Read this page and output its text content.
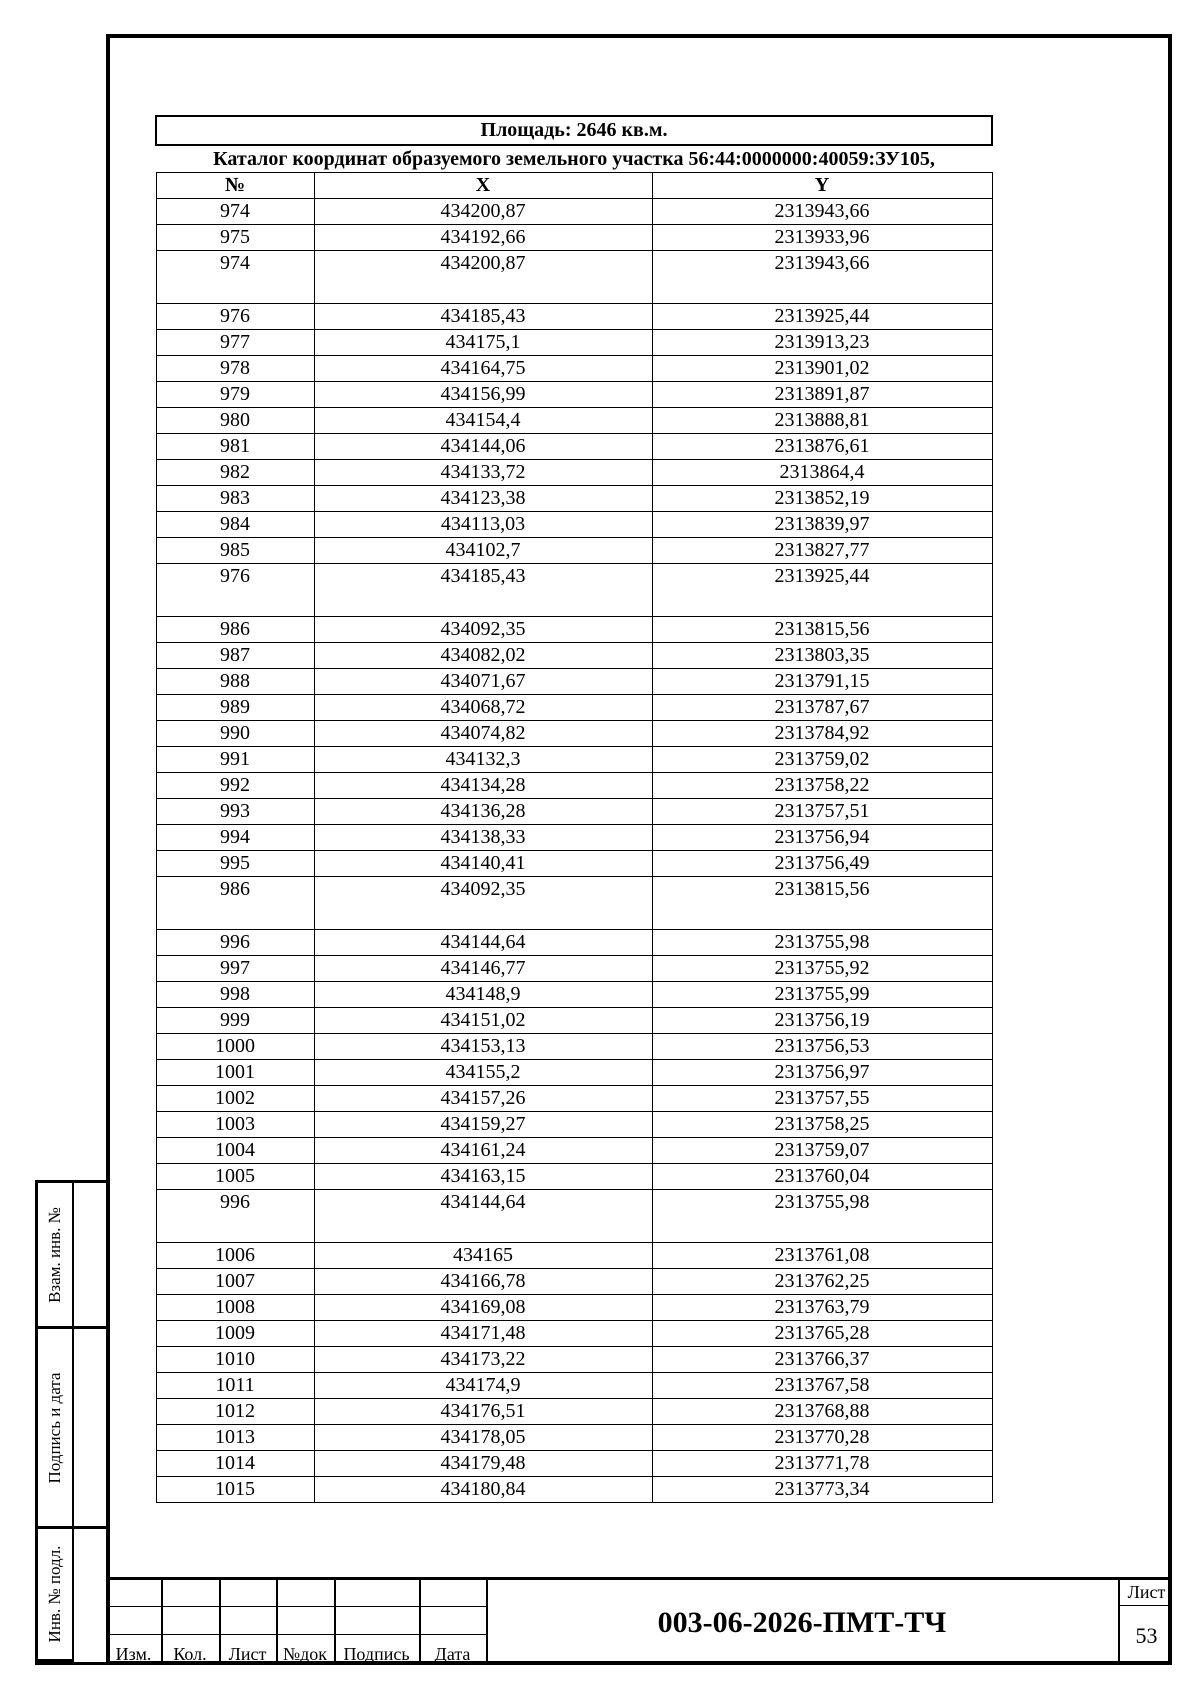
Площадь: 2646 кв.м.		
Каталог координат образуемого земельного участка 56:44:0000000:40059:ЗУ105,		
№	X	Y
974	434200,87	2313943,66
975	434192,66	2313933,96
974	434200,87	2313943,66
976	434185,43	2313925,44
977	434175,1	2313913,23
978	434164,75	2313901,02
979	434156,99	2313891,87
980	434154,4	2313888,81
981	434144,06	2313876,61
982	434133,72	2313864,4
983	434123,38	2313852,19
984	434113,03	2313839,97
985	434102,7	2313827,77
976	434185,43	2313925,44
986	434092,35	2313815,56
987	434082,02	2313803,35
988	434071,67	2313791,15
989	434068,72	2313787,67
990	434074,82	2313784,92
991	434132,3	2313759,02
992	434134,28	2313758,22
993	434136,28	2313757,51
994	434138,33	2313756,94
995	434140,41	2313756,49
986	434092,35	2313815,56
996	434144,64	2313755,98
997	434146,77	2313755,92
998	434148,9	2313755,99
999	434151,02	2313756,19
1000	434153,13	2313756,53
1001	434155,2	2313756,97
1002	434157,26	2313757,55
1003	434159,27	2313758,25
1004	434161,24	2313759,07
1005	434163,15	2313760,04
996	434144,64	2313755,98
1006	434165	2313761,08
1007	434166,78	2313762,25
1008	434169,08	2313763,79
1009	434171,48	2313765,28
1010	434173,22	2313766,37
1011	434174,9	2313767,58
1012	434176,51	2313768,88
1013	434178,05	2313770,28
1014	434179,48	2313771,78
1015	434180,84	2313773,34
Взам. инв. №
Подпись и дата
Инв. № подл.
Изм.	Кол.	Лист №док Подпись	Дата
003-06-2026-ПМТ-ТЧ
Лист
53
